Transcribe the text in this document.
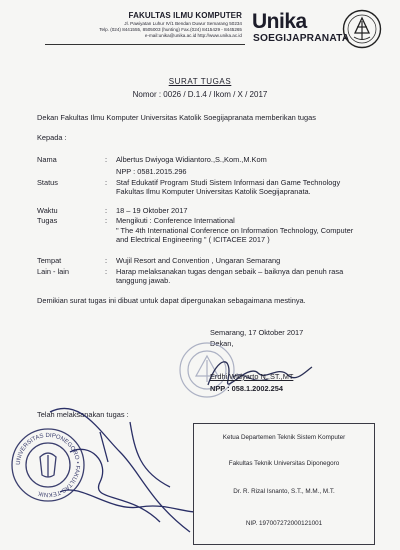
FAKULTAS ILMU KOMPUTER
Jl. Pawiyatan Luhur IV/1 Bendan Duwur Semarang 50234
Telp. (024) 8441555, 8505003 (hunting) Fax.(024) 8415429 - 8445265
e-mail:unika@unika.ac.id http://www.unika.ac.id
Unika
SOEGIJAPRANATA
SURAT TUGAS
Nomor : 0026 / D.1.4 / Ikom / X / 2017
Dekan Fakultas Ilmu Komputer Universitas Katolik Soegijapranata memberikan tugas
Kepada :
Nama	: Albertus Dwiyoga Widiantoro.,S.,Kom.,M.Kom
NPP : 0581.2015.296
Status	: Staf Edukatif Program Studi Sistem Informasi dan Game Technology Fakultas Ilmu Komputer Universitas Katolik Soegijapranata.
Waktu	: 18 – 19 Oktober 2017
Tugas	: Mengikuti : Conference International
" The 4th International Conference on Information Technology, Computer and Electrical Engineering " ( ICITACEE 2017 )
Tempat	: Wujil Resort and Convention , Ungaran Semarang
Lain - lain	: Harap melaksanakan tugas dengan sebaik – baiknya dan penuh rasa tanggung jawab.
Demikian surat tugas ini dibuat untuk dapat dipergunakan sebagaimana mestinya.
Semarang, 17 Oktober 2017
Dekan,
Erdhi Widyarto N.,ST.,MT
NPP : 058.1.2002.254
Telah melaksanakan tugas :
UNIVERSITAS DIPONEGORO • FAKULTAS TEKNIK
Ketua Departemen Teknik Sistem Komputer
Fakultas Teknik Universitas Diponegoro
Dr. R. Rizal Isnanto, S.T., M.M., M.T.
NIP. 197007272000121001
